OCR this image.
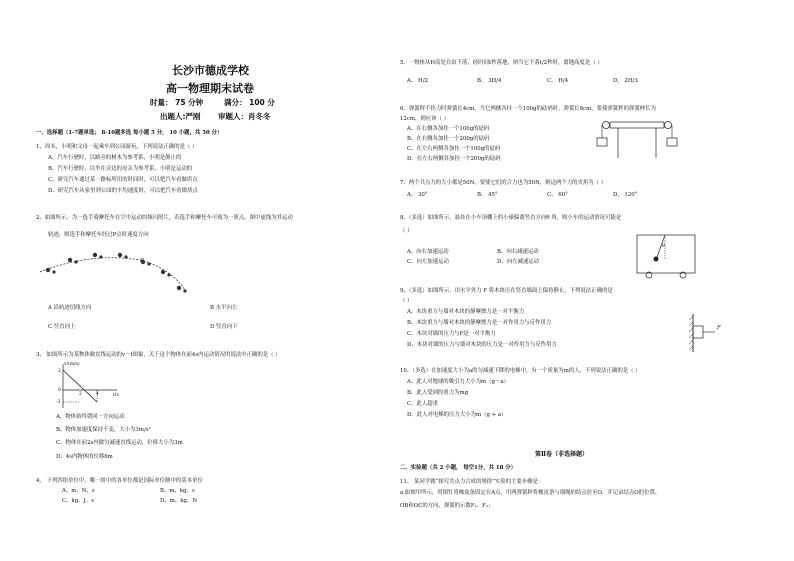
长沙市德成学校
高一物理期末试卷
时量： 75 分钟	满分： 100 分
出题人:严刚 审题人：肖冬冬
一、选择题（1-7题单选； 8-10题多选 每小题 5 分， 10 小题，共 50 分）
1、周末，小明和父母一起乘车到公园游玩，下列说法正确的是（ ）
A、汽车行驶时，以路旁的树木为参考系，小明是静止的
B、汽车行驶时，以坐在旁边的母亲为参考系，小明是运动的
C、研究汽车通过某一路标所用的时间时，可以把汽车看做质点
D、研究汽车从家里到公园的平均速度时，可以把汽车看做质点
2、如图所示，为一选手骑摩托车在空中运动的频闪照片，若选手和摩托车可视为一质点，图中虚线为其运动
轨迹，则选手和摩托车经过P点时速度方向
P
A 沿轨迹切线方向	B 水平向左
C 竖直向上	D 竖直向下
3、 如图所示为某物体做直线运动的v－t图象，关于这个物体在前4s内运动情况的说法中正确的是（ ）
v/(m/s)
2
0
-3
2	4	t/s
A、物体始终朝同一方向运动
B、物体加速度保持不变，大小为3m/s²
C、物体在前2s内做匀减速直线运动，位移大小为3m
D、4s内物体的位移6m
4、 下列四组单位中，哪一组中的各单位都是国际单位制中的基本单位
A、m、N、s	B、m、kg、s
C、kg、J、s	D、m、kg、N
5、一物体从H高处自由下落，经时间t秒落地，则当它下落t/2秒时，离地高度是（ ）
A、 H/2	B、 3H/4	C、 H/4	D、 2H/3
6、弹簧秤不挂力时弹簧长4cm，当它两侧各挂一个100g的砝码时，弹簧长8cm，要使弹簧秤的弹簧伸长为
12cm，则应该（ ）
A、在右侧各加挂一个100g的砝码
B、在右侧各加挂一个200g的砝码
C、在左右两侧各加挂一个100g的砝码
D、在左右两侧各加挂一个200g的砝码
7、两个共点力的大小都是50N，要使它们的合力也为50N，则这两个力的夹角为（ ）
A、 30°	B、 45°	C、 60°	D、 120°
8、（多选）如图所示，悬挂在小车顶棚上的小球偏离竖直方向θ 角，则小车的运动情况可能是
（ ）
A、向右加速运动	B、向右减速运动
C、向左加速运动	D、向左减速运动
θ
9、（多选）如图所示，用水平外力 F 将木块压在竖直墙面上保持静止，下列说法正确的是
（ ）
A、木块重力与墙对木块的静摩擦力是一对平衡力
B、木块重力与墙对木块的静摩擦力是一对作用力与反作用力
C、木块对墙的压力与F是一对平衡力
D、木块对墙的压力与墙对木块的压力是一对作用力与反作用力
F
10、（多选）在加速度大小为a的匀减速下降的电梯中，有一个质量为m的人，下列说法正确的是（ ）
A、此人对地球的吸引力大小为m（g－a）
B、此人受到的重力为mg
C、此人超重
D、此人对电梯的压力大小为m（g + a）
第Ⅱ卷（非选择题）
二、实验题（共 2 小题， 每空1分，共 18 分）
11、 某同学做“探究共点力合成的规律”实验的主要步骤是：
a.如图甲所示，用图钉将橡皮条固定在A点，用两弹簧秤将橡皮条与细绳的结点拉至O，并记录结点O的位置、
OB和OC的方向、弹簧的示数F₁、F₂；
